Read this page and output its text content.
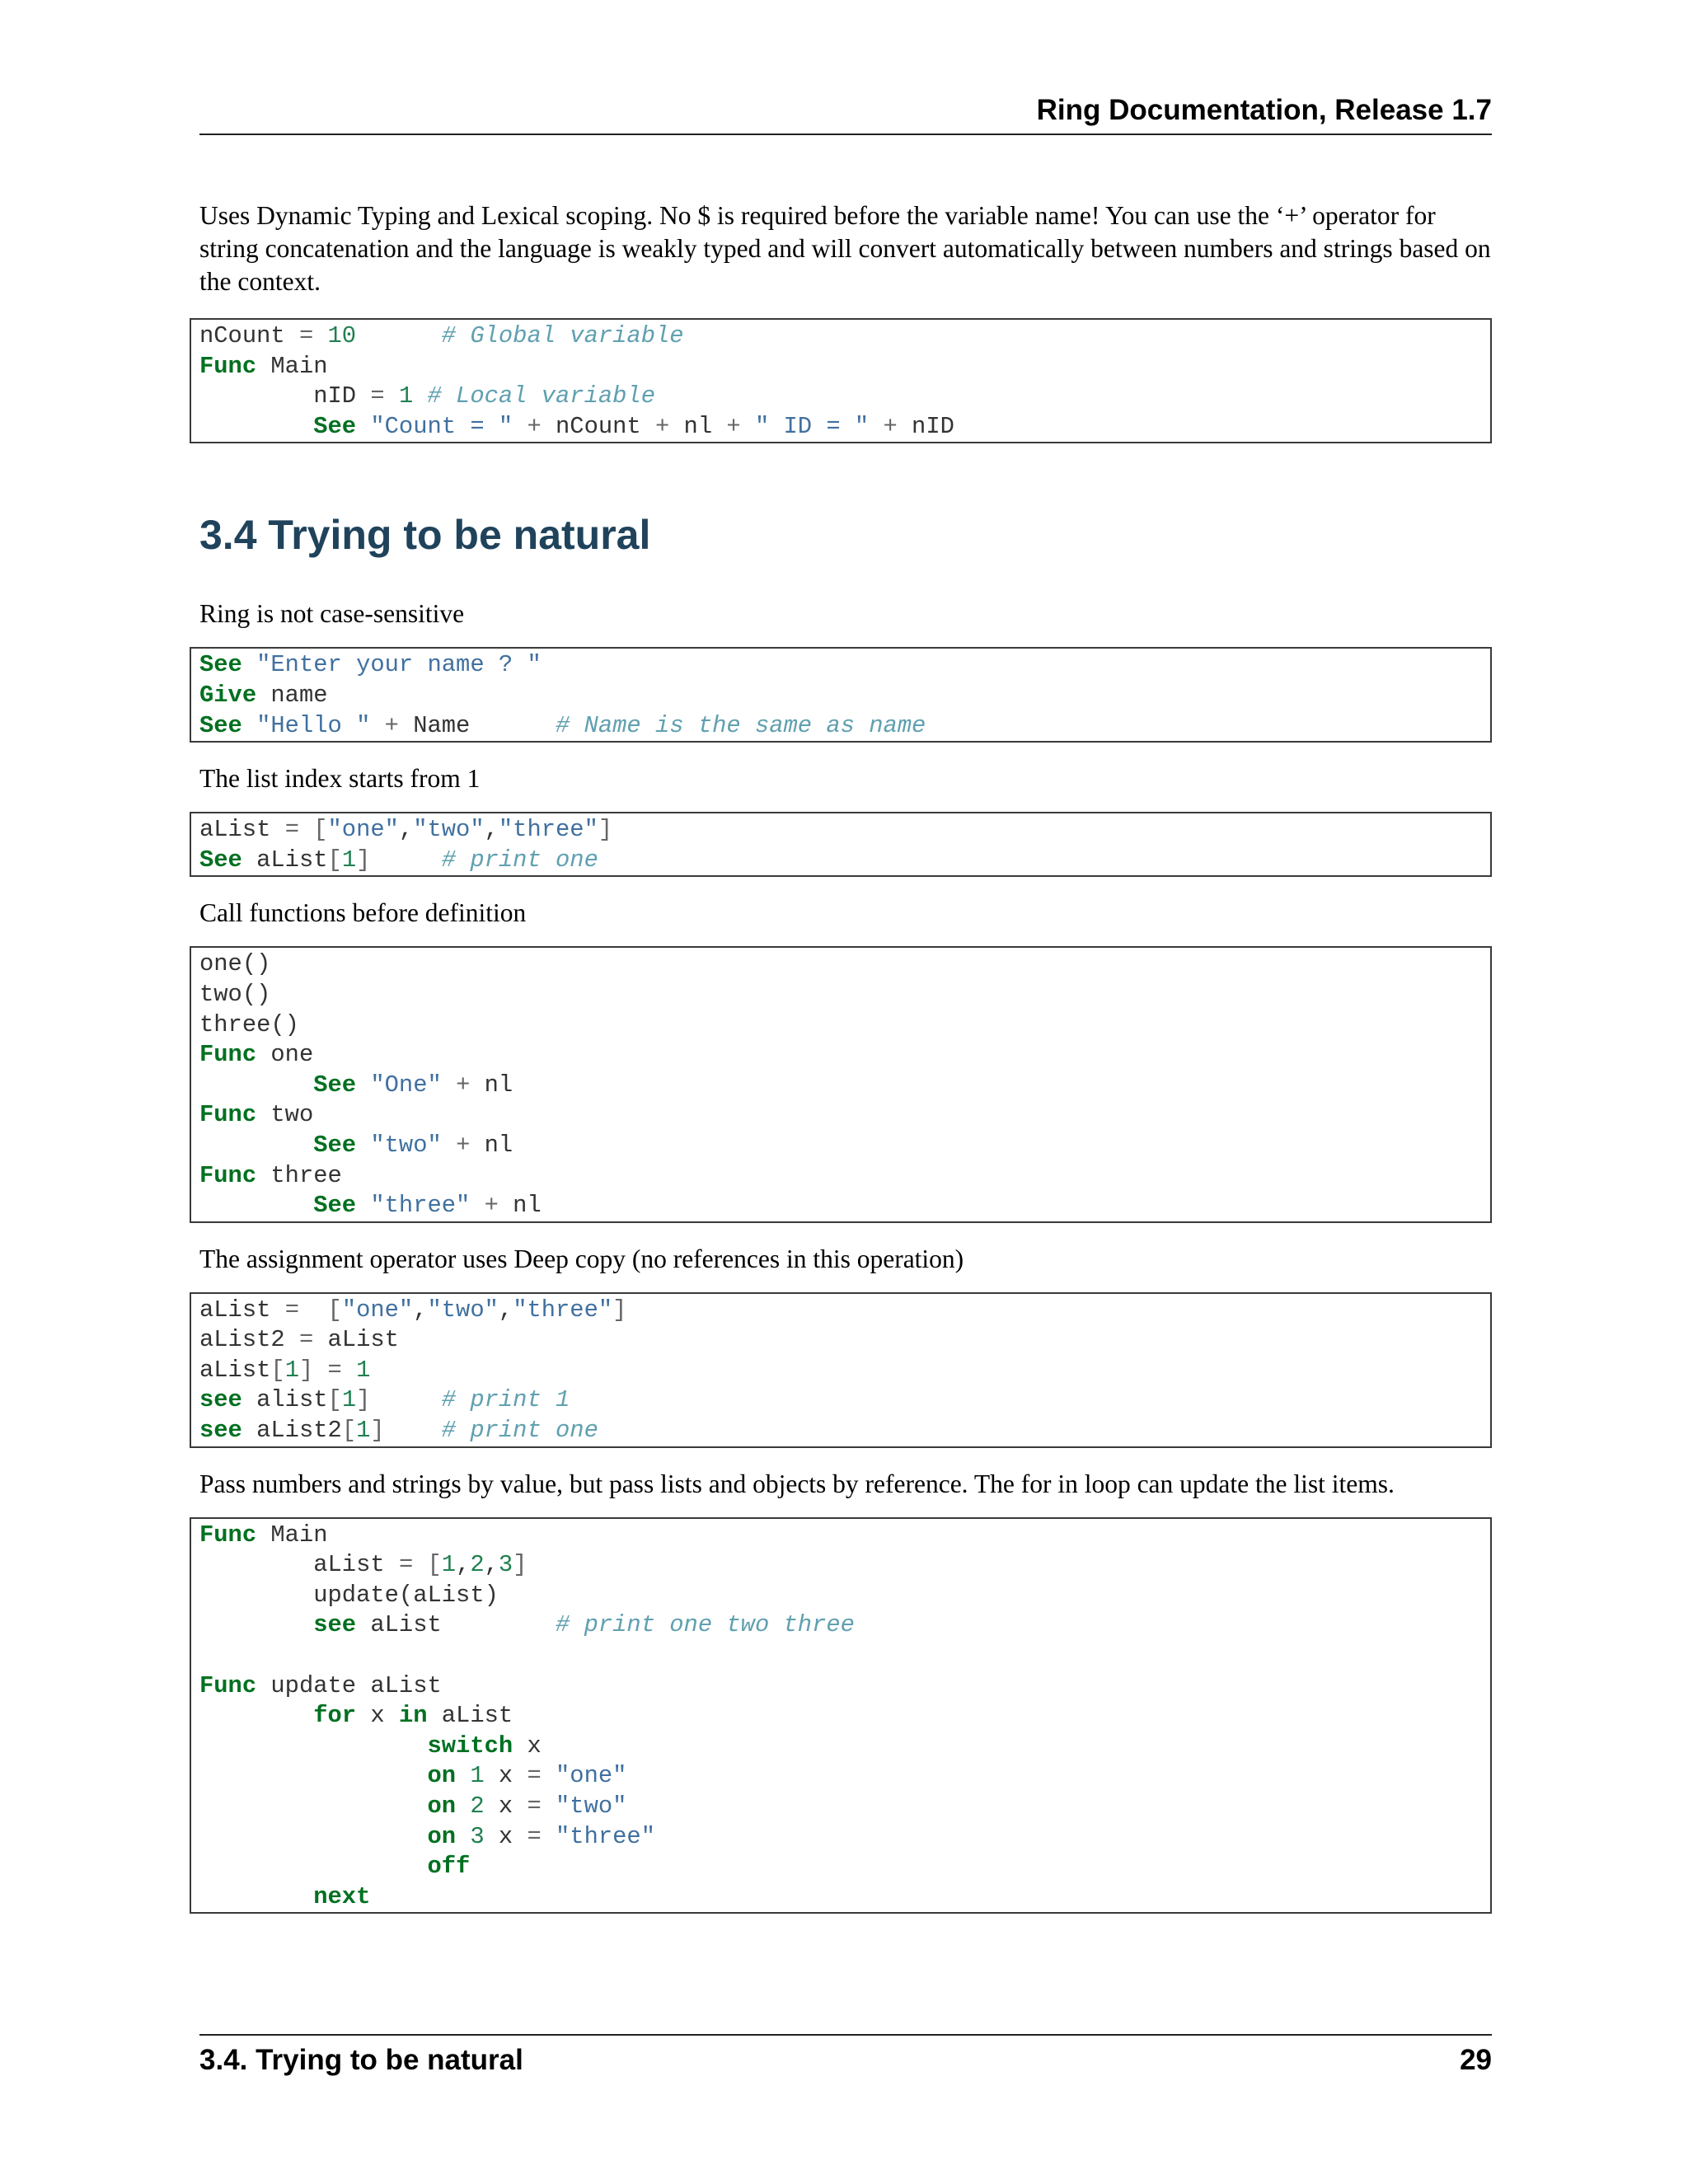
Ring Documentation, Release 1.7

Uses Dynamic Typing and Lexical scoping. No $ is required before the variable name! You can use the ‘+’ operator for string concatenation and the language is weakly typed and will convert automatically between numbers and strings based on the context.

nCount = 10	# Global variable
Func Main
nID = 1 # Local variable
See "Count = " + nCount + nl + " ID = " + nID
3.4 Trying to be natural

Ring is not case-sensitive

See "Enter your name ? "
Give name
See "Hello " + Name      # Name is the same as name

The list index starts from 1

aList = ["one","two","three"]
See aList[1]	# print one

Call functions before definition

one()
two()
three()
Func one
See "One" + nl
Func two
See "two" + nl
Func three
See "three" + nl

The assignment operator uses Deep copy (no references in this operation)

aList = ["one","two","three"]
aList2 = aList
aList[1] = 1
see alist[1]	# print 1
see aList2[1] # print one

Pass numbers and strings by value, but pass lists and objects by reference. The for in loop can update the list items.

Func Main
aList = [1,2,3]
update(aList)
see aList        # print one two three

Func update aList
for x in aList
switch x
on 1 x = "one"
on 2 x = "two"
on 3 x = "three"
off
next
3.4. Trying to be natural	29
